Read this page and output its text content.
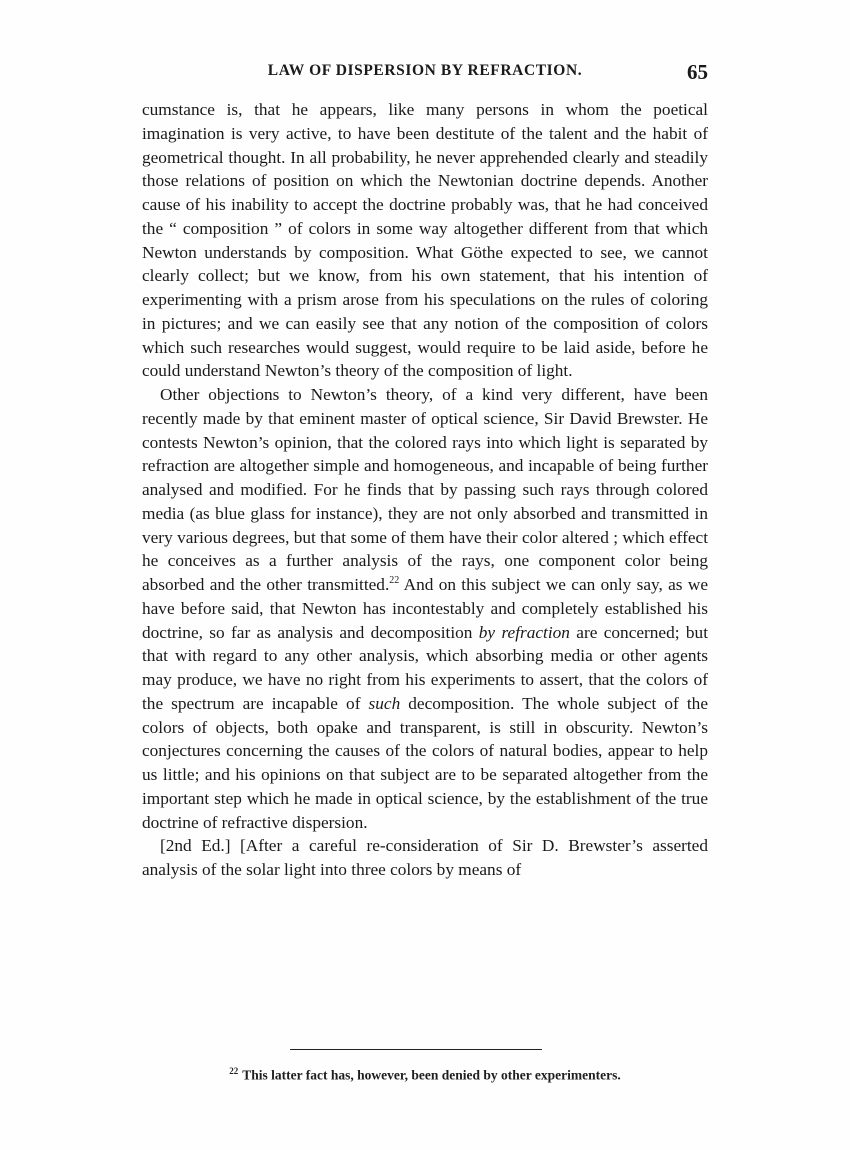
LAW OF DISPERSION BY REFRACTION.	65

cumstance is, that he appears, like many persons in whom the poetical imagination is very active, to have been destitute of the talent and the habit of geometrical thought. In all probability, he never apprehended clearly and steadily those relations of position on which the Newtonian doctrine depends. Another cause of his inability to accept the doctrine probably was, that he had conceived the “ composition ” of colors in some way altogether different from that which Newton understands by composition. What Göthe expected to see, we cannot clearly collect; but we know, from his own statement, that his intention of experimenting with a prism arose from his speculations on the rules of coloring in pictures; and we can easily see that any notion of the composition of colors which such researches would suggest, would require to be laid aside, before he could understand Newton’s theory of the composition of light.

Other objections to Newton’s theory, of a kind very different, have been recently made by that eminent master of optical science, Sir David Brewster. He contests Newton’s opinion, that the colored rays into which light is separated by refraction are altogether simple and homogeneous, and incapable of being further analysed and modified. For he finds that by passing such rays through colored media (as blue glass for instance), they are not only absorbed and transmitted in very various degrees, but that some of them have their color altered ; which effect he conceives as a further analysis of the rays, one component color being absorbed and the other transmitted.$^{22}$ And on this subject we can only say, as we have before said, that Newton has incontestably and completely established his doctrine, so far as analysis and decomposition by refraction are concerned; but that with regard to any other analysis, which absorbing media or other agents may produce, we have no right from his experiments to assert, that the colors of the spectrum are incapable of such decomposition. The whole subject of the colors of objects, both opake and transparent, is still in obscurity. Newton’s conjectures concerning the causes of the colors of natural bodies, appear to help us little; and his opinions on that subject are to be separated altogether from the important step which he made in optical science, by the establishment of the true doctrine of refractive dispersion.

[2nd Ed.] [After a careful re-consideration of Sir D. Brewster’s asserted analysis of the solar light into three colors by means of

$^{22}$ This latter fact has, however, been denied by other experimenters.
